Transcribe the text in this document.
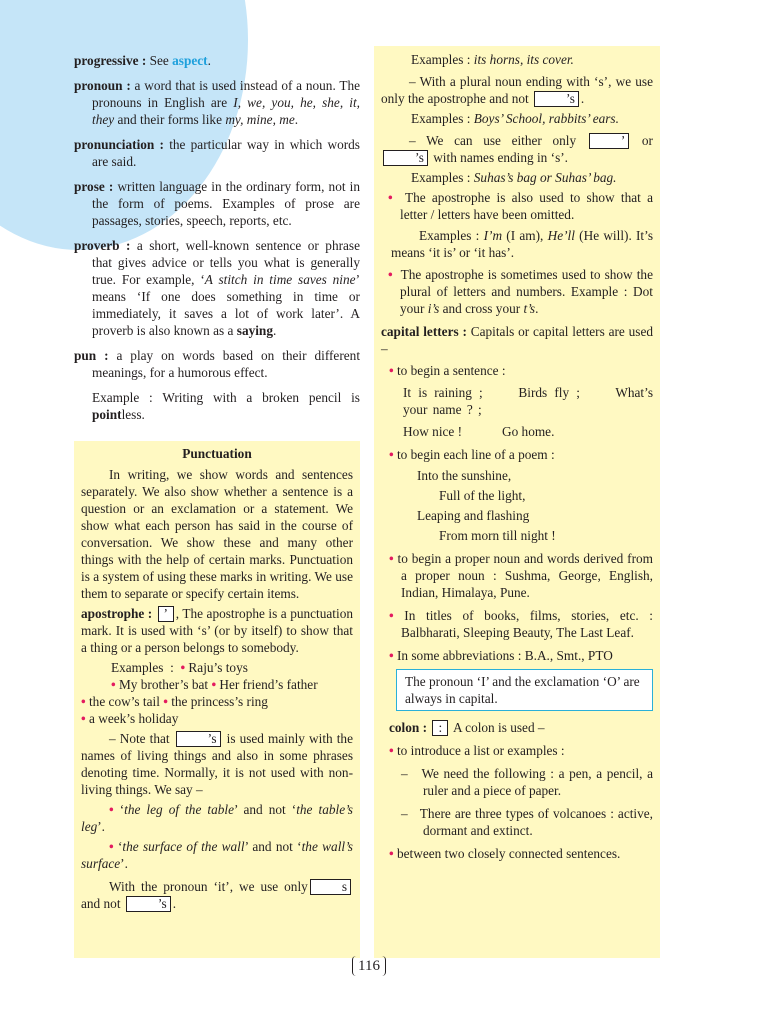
progressive : See aspect.
pronoun : a word that is used instead of a noun. The pronouns in English are I, we, you, he, she, it, they and their forms like my, mine, me.
pronunciation : the particular way in which words are said.
prose : written language in the ordinary form, not in the form of poems. Examples of prose are passages, stories, speech, reports, etc.
proverb : a short, well-known sentence or phrase that gives advice or tells you what is generally true. For example, ‘A stitch in time saves nine’ means ‘If one does something in time or immediately, it saves a lot of work later’. A proverb is also known as a saying.
pun : a play on words based on their different meanings, for a humorous effect.
Example : Writing with a broken pencil is pointless.
Punctuation

In writing, we show words and sentences separately. We also show whether a sentence is a question or an exclamation or a statement. We show what each person has said in the course of conversation. We show these and many other things with the help of certain marks. Punctuation is a system of using these marks in writing. We use them to separate or specify certain items.

apostrophe : ’ , The apostrophe is a punctuation mark. It is used with ‘s’ (or by itself) to show that a thing or a person belongs to somebody.

Examples  :  • Raju’s toys
• My brother’s bat • Her friend’s father

• the cow’s tail • the princess’s ring
• a week’s holiday

– Note that	’s is used mainly with the names of living things and also in some phrases denoting time. Normally, it is not used with non-living things. We say –

• ‘the leg of the table’ and not ‘the table’s leg’.

• ‘the surface of the wall’ and not ‘the wall’s surface’.

With the pronoun ‘it’, we use only	s and not	’s .

Examples : its horns, its cover.

– With a plural noun ending with ‘s’, we use only the apostrophe and not	’s .

Examples : Boys’ School, rabbits’ ears.

– We can use either only	’ or ’s with names ending in ‘s’.

Examples : Suhas’s bag or Suhas’ bag.

• The apostrophe is also used to show that a letter / letters have been omitted.

Examples : I’m (I am), He’ll (He will). It’s means ‘it is’ or ‘it has’.

• The apostrophe is sometimes used to show the plural of letters and numbers. Example : Dot your i’s and cross your t’s.

capital letters : Capitals or capital letters are used –

• to begin a sentence :

It is raining ;	Birds fly ;	What’s your name ? ;

How nice !	Go home.

• to begin each line of a poem :

Into the sunshine,

Full of the light,

Leaping and flashing

From morn till night !

• to begin a proper noun and words derived from a proper noun : Sushma, George, English, Indian, Himalaya, Pune.

• In titles of books, films, stories, etc. : Balbharati, Sleeping Beauty, The Last Leaf.

• In some abbreviations : B.A., Smt., PTO

The pronoun ‘I’ and the exclamation ‘O’ are always in capital.

colon : : A colon is used –

• to introduce a list or examples :

–   We need the following : a pen, a pencil, a ruler and a piece of paper.

–   There are three types of volcanoes : active, dormant and extinct.

• between two closely connected sentences.

116
